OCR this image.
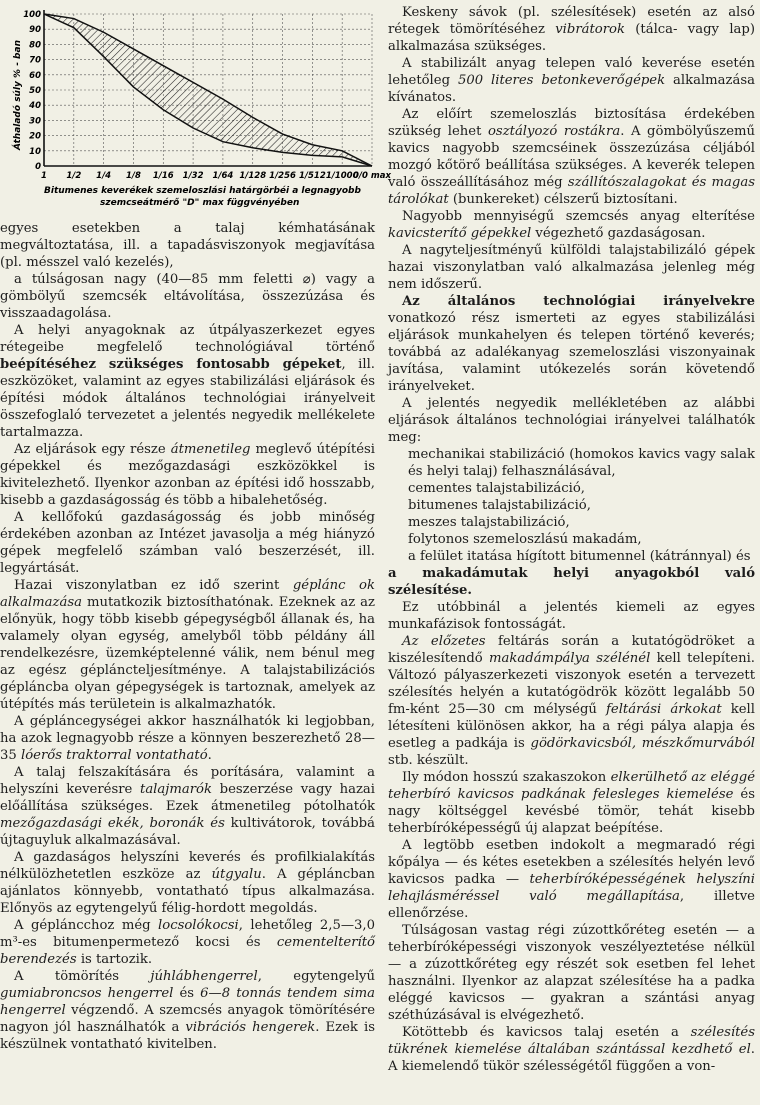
100
90
80
70
60
50
40
30
20
10
0
1 1/2 1/4 1/8 1/16 1/32 1/64 1/128 1/256 1/512 1/1000
0/0 max
Áthaladó súly % - ban
Bitumenes keverékek szemeloszlási határgörbéi a legnagyobb
szemcseátmérő "D" max függvényében

egyes esetekben a talaj kémhatásának megváltoztatása, ill. a tapadásviszonyok megjavítása (pl. mésszel való kezelés),

a túlságosan nagy (40—85 mm feletti ⌀) vagy a gömbölyű szemcsék eltávolítása, összezúzása és visszaadagolása.

A helyi anyagoknak az útpályaszerkezet egyes rétegeibe megfelelő technológiával történő beépítéséhez szükséges fontosabb gépeket, ill. eszközöket, valamint az egyes stabilizálási eljárások és építési módok általános technológiai irányelveit összefoglaló tervezetet a jelentés negyedik mellékelete tartalmazza.

Az eljárások egy része átmenetileg meglevő útépítési gépekkel és mezőgazdasági eszközökkel is kivitelezhető. Ilyenkor azonban az építési idő hosszabb, kisebb a gazdaságosság és több a hibalehetőség.

A kellőfokú gazdaságosság és jobb minőség érdekében azonban az Intézet javasolja a még hiányzó gépek megfelelő számban való beszerzését, ill. legyártását.

Hazai viszonylatban ez idő szerint géplánc ok alkalmazása mutatkozik biztosíthatónak. Ezeknek az az előnyük, hogy több kisebb gépegységből állanak és, ha valamely olyan egység, amelyből több példány áll rendelkezésre, üzemképtelenné válik, nem bénul meg az egész gépláncteljesítménye. A talajstabilizációs gépláncba olyan gépegységek is tartoznak, amelyek az útépítés más területein is alkalmazhatók.

A gépláncegységei akkor használhatók ki legjobban, ha azok legnagyobb része a könnyen beszerezhető 28—35 lóerős traktorral vontatható.

A talaj felszakítására és porítására, valamint a helyszíni keverésre talajmarók beszerzése vagy hazai előállítása szükséges. Ezek átmenetileg pótolhatók mezőgazdasági ekék, boronák és kultivátorok, továbbá újtaguyluk alkalmazásával.

A gazdaságos helyszíni keverés és profilkialakítás nélkülözhetetlen eszköze az útgyalu. A gépláncban ajánlatos könnyebb, vontatható típus alkalmazása. Előnyös az egytengelyű félig-hordott megoldás.

A gépláncchoz még locsolókocsi, lehetőleg 2,5—3,0 m³-es bitumenpermetező kocsi és cementelterítő berendezés is tartozik.

A tömörítés júhlábhengerrel, egytengelyű gumiabroncsos hengerrel és 6—8 tonnás tendem sima hengerrel végzendő. A szemcsés anyagok tömörítésére nagyon jól használhatók a vibrációs hengerek. Ezek is készülnek vontatható kivitelben.

Keskeny sávok (pl. szélesítések) esetén az alsó rétegek tömörítéséhez vibrátorok (tálca- vagy lap) alkalmazása szükséges.

A stabilizált anyag telepen való keverése esetén lehetőleg 500 literes betonkeverőgépek alkalmazása kívánatos.

Az előírt szemeloszlás biztosítása érdekében szükség lehet osztályozó rostákra. A gömbölyűszemű kavics nagyobb szemcséinek összezúzása céljából mozgó kőtörő beállítása szükséges. A keverék telepen való összeállításához még szállítószalagokat és magas tárolókat (bunkereket) célszerű biztosítani.

Nagyobb mennyiségű szemcsés anyag elterítése kavicsterítő gépekkel végezhető gazdaságosan.

A nagyteljesítményű külföldi talajstabilizáló gépek hazai viszonylatban való alkalmazása jelenleg még nem időszerű.

Az általános technológiai irányelvekre vonatkozó rész ismerteti az egyes stabilizálási eljárások munkahelyen és telepen történő keverés; továbbá az adalékanyag szemeloszlási viszonyainak javítása, valamint utókezelés során követendő irányelveket.

A jelentés negyedik mellékletében az alábbi eljárások általános technológiai irányelvei találhatók meg:

mechanikai stabilizáció (homokos kavics vagy salak és helyi talaj) felhasználásával,

cementes talajstabilizáció,

bitumenes talajstabilizáció,

meszes talajstabilizáció,

folytonos szemeloszlású makadám,

a felület itatása hígított bitumennel (kátránnyal) és

a makadámutak helyi anyagokból való szélesítése.

Ez utóbbinál a jelentés kiemeli az egyes munkafázisok fontosságát.

Az előzetes feltárás során a kutatógödröket a kiszélesítendő makadámpálya szélénél kell telepíteni. Változó pályaszerkezeti viszonyok esetén a tervezett szélesítés helyén a kutatógödrök között legalább 50 fm-ként 25—30 cm mélységű feltárási árkokat kell létesíteni különösen akkor, ha a régi pálya alapja és esetleg a padkája is gödörkavicsból, mészkőmurvából stb. készült.

Ily módon hosszú szakaszokon elkerülhető az eléggé teherbíró kavicsos padkának felesleges kiemelése és nagy költséggel kevésbé tömör, tehát kisebb teherbíróképességű új alapzat beépítése.

A legtöbb esetben indokolt a megmaradó régi kőpálya — és kétes esetekben a szélesítés helyén levő kavicsos padka — teherbíróképességének helyszíni lehajlásméréssel való megállapítása, illetve ellenőrzése.

Túlságosan vastag régi zúzottkőréteg esetén — a teherbíróképességi viszonyok veszélyeztetése nélkül — a zúzottkőréteg egy részét sok esetben fel lehet használni. Ilyenkor az alapzat szélesítése ha a padka eléggé kavicsos — gyakran a szántási anyag széthúzásával is elvégezhető.

Kötöttebb és kavicsos talaj esetén a szélesítés tükrének kiemelése általában szántással kezdhető el. A kiemelendő tükör szélességétől függően a von-
